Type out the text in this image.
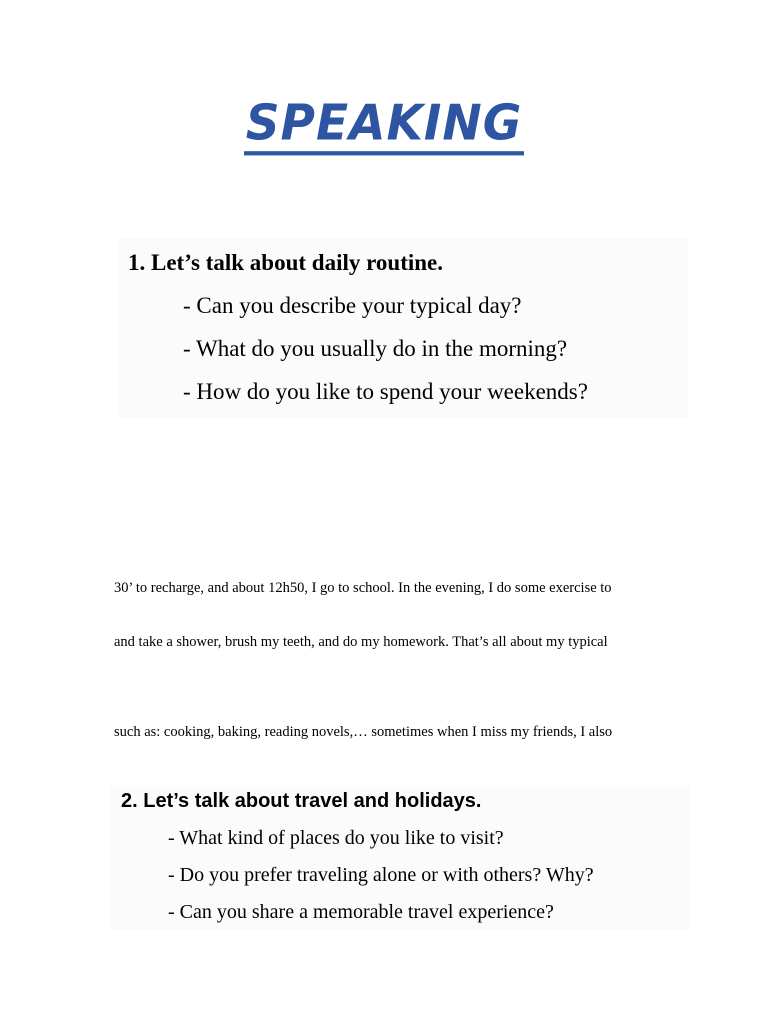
SPEAKING
1. Let’s talk about daily routine.
- Can you describe your typical day?
- What do you usually do in the morning?
- How do you like to spend your weekends?
30’ to recharge, and about 12h50, I go to school. In the evening, I do some exercise to
and take a shower, brush my teeth, and do my homework. That’s all about my typical
such as: cooking, baking, reading novels,… sometimes when I miss my friends, I also
2. Let’s talk about travel and holidays.
- What kind of places do you like to visit?
- Do you prefer traveling alone or with others? Why?
- Can you share a memorable travel experience?
